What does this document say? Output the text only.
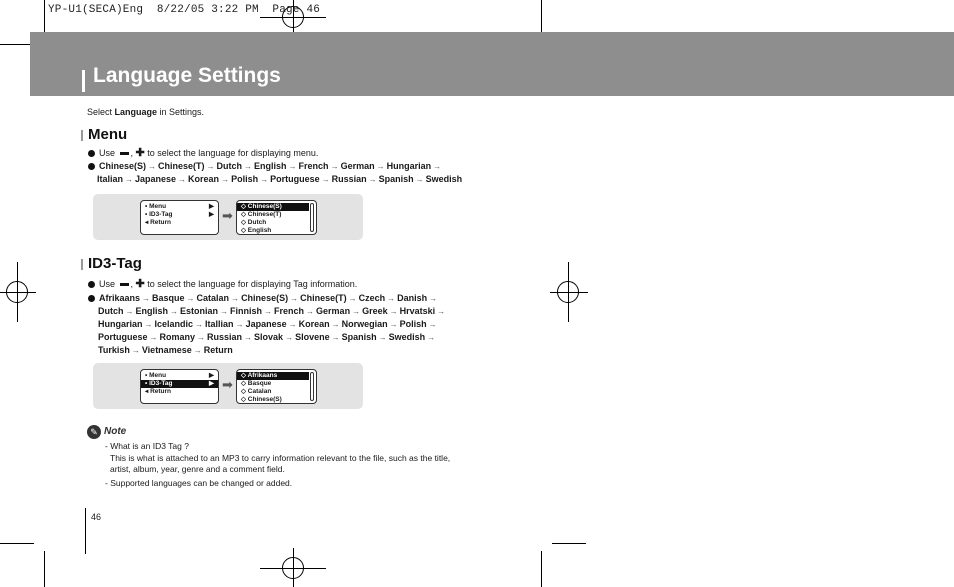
YP-U1(SECA)Eng  8/22/05 3:22 PM  Page 46
Language Settings
Select Language in Settings.
Menu
Use , ✚ to select the language for displaying menu.
Chinese(S) → Chinese(T) → Dutch → English → French → German → Hungarian →
Italian → Japanese → Korean → Polish → Portuguese → Russian → Spanish → Swedish
• Menu	▶
• ID3-Tag	▶
◂ Return	➡
◇ Chinese(S)
◇ Chinese(T)
◇ Dutch
◇ English
ID3-Tag
Use , ✚ to select the language for displaying Tag information.
Afrikaans → Basque → Catalan → Chinese(S) → Chinese(T) → Czech → Danish →
Dutch → English → Estonian → Finnish → French → German → Greek → Hrvatski →
Hungarian → Icelandic → Itallian → Japanese → Korean → Norwegian → Polish →
Portuguese → Romany → Russian → Slovak → Slovene → Spanish → Swedish →
Turkish → Vietnamese → Return
• Menu	▶
• ID3-Tag	▶
◂ Return	➡
◇ Afrikaans
◇ Basque
◇ Catalan
◇ Chinese(S)
✎ Note
- What is an ID3 Tag ?
This is what is attached to an MP3 to carry information relevant to the file, such as the title,
artist, album, year, genre and a comment field.
- Supported languages can be changed or added.
46
